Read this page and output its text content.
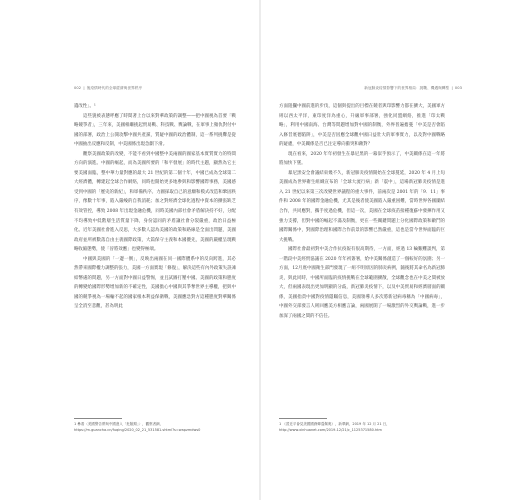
002 ❘ 後疫情時代的全球經濟與世界秩序

遺改性」。¹

這些貌被表態呼應了時間著上台以來對華政策的調整——把中國視為首要「戰略競爭者」，三年來，美國相繼挑起貿易戰、科技戰、輿論戰，在軍事上頻仇對付中國的部署，政治上公開攻擊中國共產黨，質疑中國的政治體制，這一系列挑釁是從中國抽出反應和反制，中美國係出現急劇下滑。

觀察美國政策的改變，不能不看到中國整中美兩國的國家基本實質實力的特間方向的演進。中國的崛起，而為美國所要的「和平發展」的時代主題，顯然為它主要美國面臨，整中華力量對應的最大 21 世紀的第二個十年，中國已成為全球第二大經濟體，轉建起全球合作網絡，同時也開始更多地參與和影響國際事務，美國感受到中國的「歷史的新紀」，和軍備秩序。力圖採取自己的意願和模式改造和鞏固秩序，像數十年事，陷入嚴峻的自我消耗；加之對經濟全球化過程中資本的擴張缺乏有效管控，導致 2008 年出現金融危機，同時美國內部社會矛盾解決持不好，分配不均導致中低階層生活質量下降，身份認同的矛盾讓社會分裂嚴重，政治日益極化。近年美國社會進入反思，大多數人認為美國的政策和路線是全面出問題，美國政府並所被數落自由主義國際政策，大篇保守主義和本國優先，美國的嚴權呈現戰略收縮態勢，使「晉將效應」也變得極端。

中國與美國的「一邊一倒」，反映出兩國在同一國際體系中的反向跨進，其必然帶來國際權力調整的張力，美國一方面實現「修復」，解決這些有內外政策失誤凍結幣處的問題，另一方面對中國日益警惕，並且試圖打壓中國。美國的政策和態度的轉變給國際形勢增加新的不確定性，美國擔心中國與其爭奪世界主導權，把與中國的競爭視為一場輸不起的國家根本利益保衛戰，美國應急對方這種態度對華關係呈全消至悲觀，甚為明此

1 參看〈美國警告將與中國進入「危險期」〉，觀察者網，https://m.guancha.cn/fuqing/2020_02_21_531581.shtml?s=wapzmdws0
新冠肺炎疫情影響下的世界格局：挑戰、機遇與轉型 ❘ 003

方面阻攔中國前進的步伐，這個與提出的目標在競者與印影響力都在擴大，美國軍方則以西太平洋，東印度洋為重心，升級軍事部署，強化同盟網絡，推進「印太戰略」，利用中國南海、台灣等問題增加對中國的制衡，外界普遍擔憂「中美是否會陷入修昔底德陷阱」，中美是否因應全球觀中國日益壯大的軍事實力，以及對中國戰略的疑慮，中美關係是否已注定導向衝突和敵對？

現在看來，2020 年年初發生在暴尼黑的一幕似乎預示了，中美關係在這一年將將加快下墜。

暴尼黑安全會議結束幾不久，新冠肺炎疫情開始在全球蔓延，2020 年 4 月上旬美國成為世界衛生組織宣布的「全球大流行病」新「震中」，這場新冠肺炎疫情是進入 21 世紀以來第三次改變世界議程的重大事件，前兩次是 2001 年的「9．11」事件和 2008 年的國際金融危機，尤其是後者使美國陷入嚴重困難，當時世界各國團結合作，共同應對，攜手度過危機，但這一次，美國在全球疫苗接種復蘇中發揮作用又強力支撐，但對中國的崛起不滿及制衡，更在一些關鍵問題上分化國際政策和敵鬥的國際關係中，對國際治理和國際合作前景的影響已然嚴重，這也是當今世界面臨的巨大挑戰。

國際社會最初對中美合作抗疫報有很高期待，一方面，經過 13 輪艱難談判，第一階段中美經貿協議在 2020 年年初簽署，給中美關係創造了一個較好的氛圍；另一方面，12月底中國衛生部門發現了一組不明原因的肺炎病例，隨後將其命名為新冠肺炎，與此同時，中國所面臨的疫情挑戰在全球範圍擴散，全球觀念也在中美之間被放大，但兩國表現出更加明顯的分歧，新冠肺炎疫情下，以及中美貿易和經濟層面的關係，美國指責中國對疫情隱瞞信息，美國領導人多次將新冠病毒稱為「中國病毒」，中國外交部發言人則回應美方相應言論，兩國展開了一場激烈的外交輿論戰，進一步加深了兩國之間的不信任。

1 《習近平會見美國國務卿蓬佩奧》，新華網，2019 年 12 月 21 日，http://www.xinhuanet.com/2019-12/21/c_1125371580.htm
